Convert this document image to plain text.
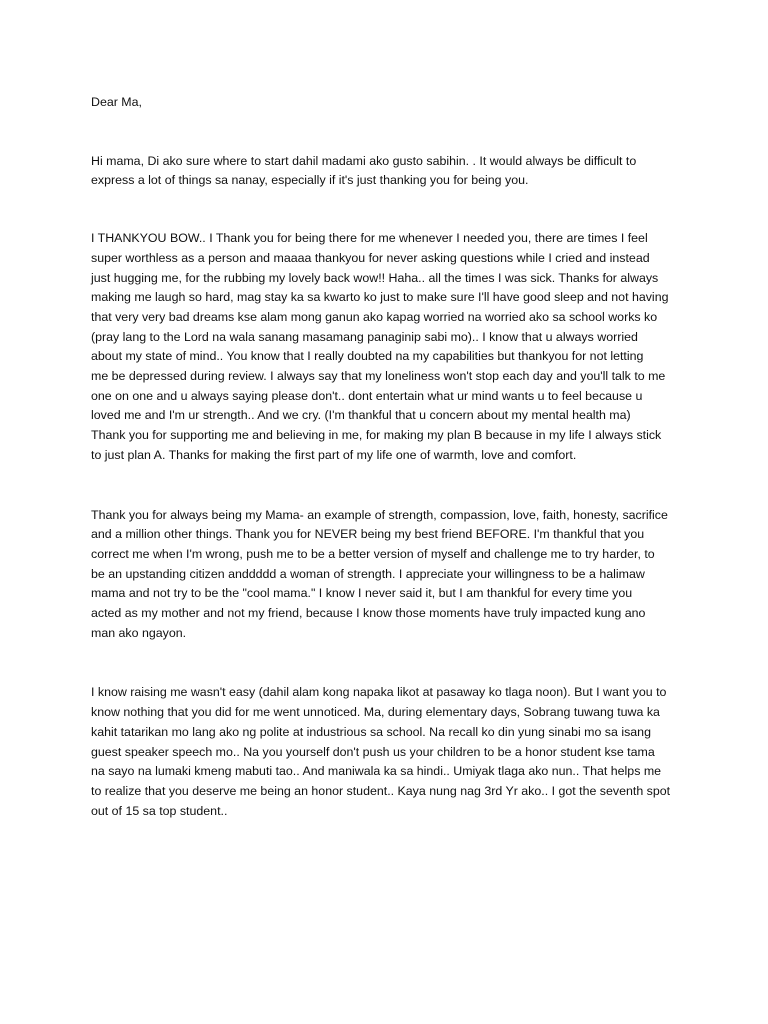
Dear Ma,

Hi mama, Di ako sure where to start dahil madami ako gusto sabihin. . It would always be difficult to
express a lot of things sa nanay, especially if it's just thanking you for being you.

I THANKYOU BOW.. I Thank you for being there for me whenever I needed you, there are times I feel
super worthless as a person and maaaa thankyou for never asking questions while I cried and instead
just hugging me, for the rubbing my lovely back wow!! Haha.. all the times I was sick. Thanks for always
making me laugh so hard, mag stay ka sa kwarto ko just to make sure I'll have good sleep and not having
that very very bad dreams kse alam mong ganun ako kapag worried na worried ako sa school works ko
(pray lang to the Lord na wala sanang masamang panaginip sabi mo).. I know that u always worried
about my state of mind.. You know that I really doubted na my capabilities but thankyou for not letting
me be depressed during review. I always say that my loneliness won't stop each day and you'll talk to me
one on one and u always saying please don't.. dont entertain what ur mind wants u to feel because u
loved me and I'm ur strength.. And we cry. (I'm thankful that u concern about my mental health ma)
Thank you for supporting me and believing in me, for making my plan B because in my life I always stick
to just plan A. Thanks for making the first part of my life one of warmth, love and comfort.

Thank you for always being my Mama- an example of strength, compassion, love, faith, honesty, sacrifice
and a million other things. Thank you for NEVER being my best friend BEFORE. I'm thankful that you
correct me when I'm wrong, push me to be a better version of myself and challenge me to try harder, to
be an upstanding citizen anddddd a woman of strength. I appreciate your willingness to be a halimaw
mama and not try to be the "cool mama." I know I never said it, but I am thankful for every time you
acted as my mother and not my friend, because I know those moments have truly impacted kung ano
man ako ngayon.

I know raising me wasn't easy (dahil alam kong napaka likot at pasaway ko tlaga noon). But I want you to
know nothing that you did for me went unnoticed. Ma, during elementary days, Sobrang tuwang tuwa ka
kahit tatarikan mo lang ako ng polite at industrious sa school. Na recall ko din yung sinabi mo sa isang
guest speaker speech mo.. Na you yourself don't push us your children to be a honor student kse tama
na sayo na lumaki kmeng mabuti tao.. And maniwala ka sa hindi.. Umiyak tlaga ako nun.. That helps me
to realize that you deserve me being an honor student.. Kaya nung nag 3rd Yr ako.. I got the seventh spot
out of 15 sa top student..
